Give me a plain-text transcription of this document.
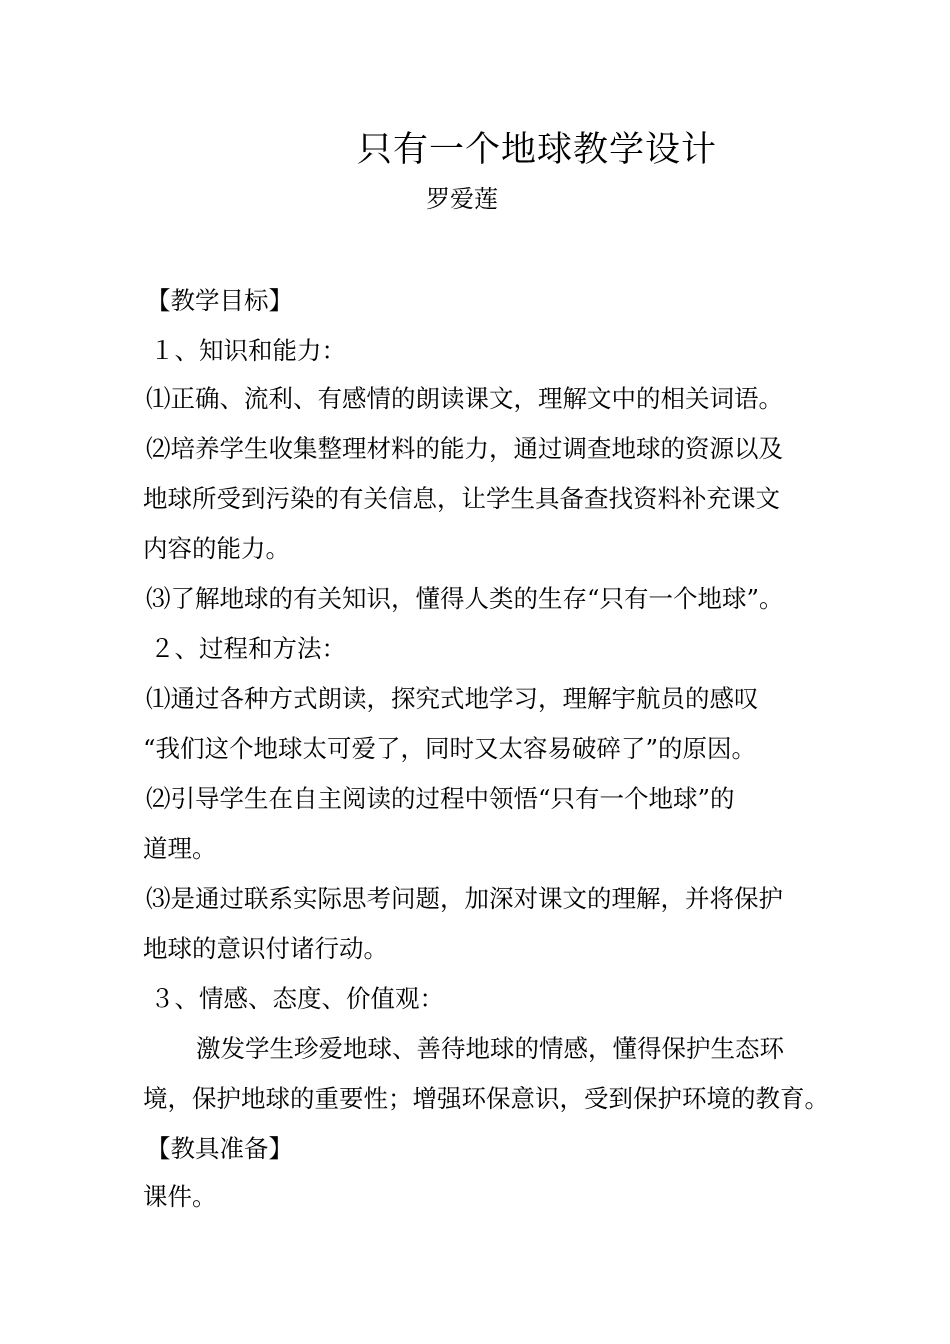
只有一个地球教学设计
罗爱莲
【教学目标】
１、知识和能力：
⑴正确、流利、有感情的朗读课文，理解文中的相关词语。
⑵培养学生收集整理材料的能力，通过调查地球的资源以及
地球所受到污染的有关信息，让学生具备查找资料补充课文
内容的能力。
⑶了解地球的有关知识，懂得人类的生存“只有一个地球”。
２、过程和方法：
⑴通过各种方式朗读，探究式地学习，理解宇航员的感叹
“我们这个地球太可爱了，同时又太容易破碎了”的原因。
⑵引导学生在自主阅读的过程中领悟“只有一个地球”的
道理。
⑶是通过联系实际思考问题，加深对课文的理解，并将保护
地球的意识付诸行动。
３、情感、态度、价值观：
激发学生珍爱地球、善待地球的情感，懂得保护生态环
境，保护地球的重要性；增强环保意识，受到保护环境的教育。
【教具准备】
课件。
